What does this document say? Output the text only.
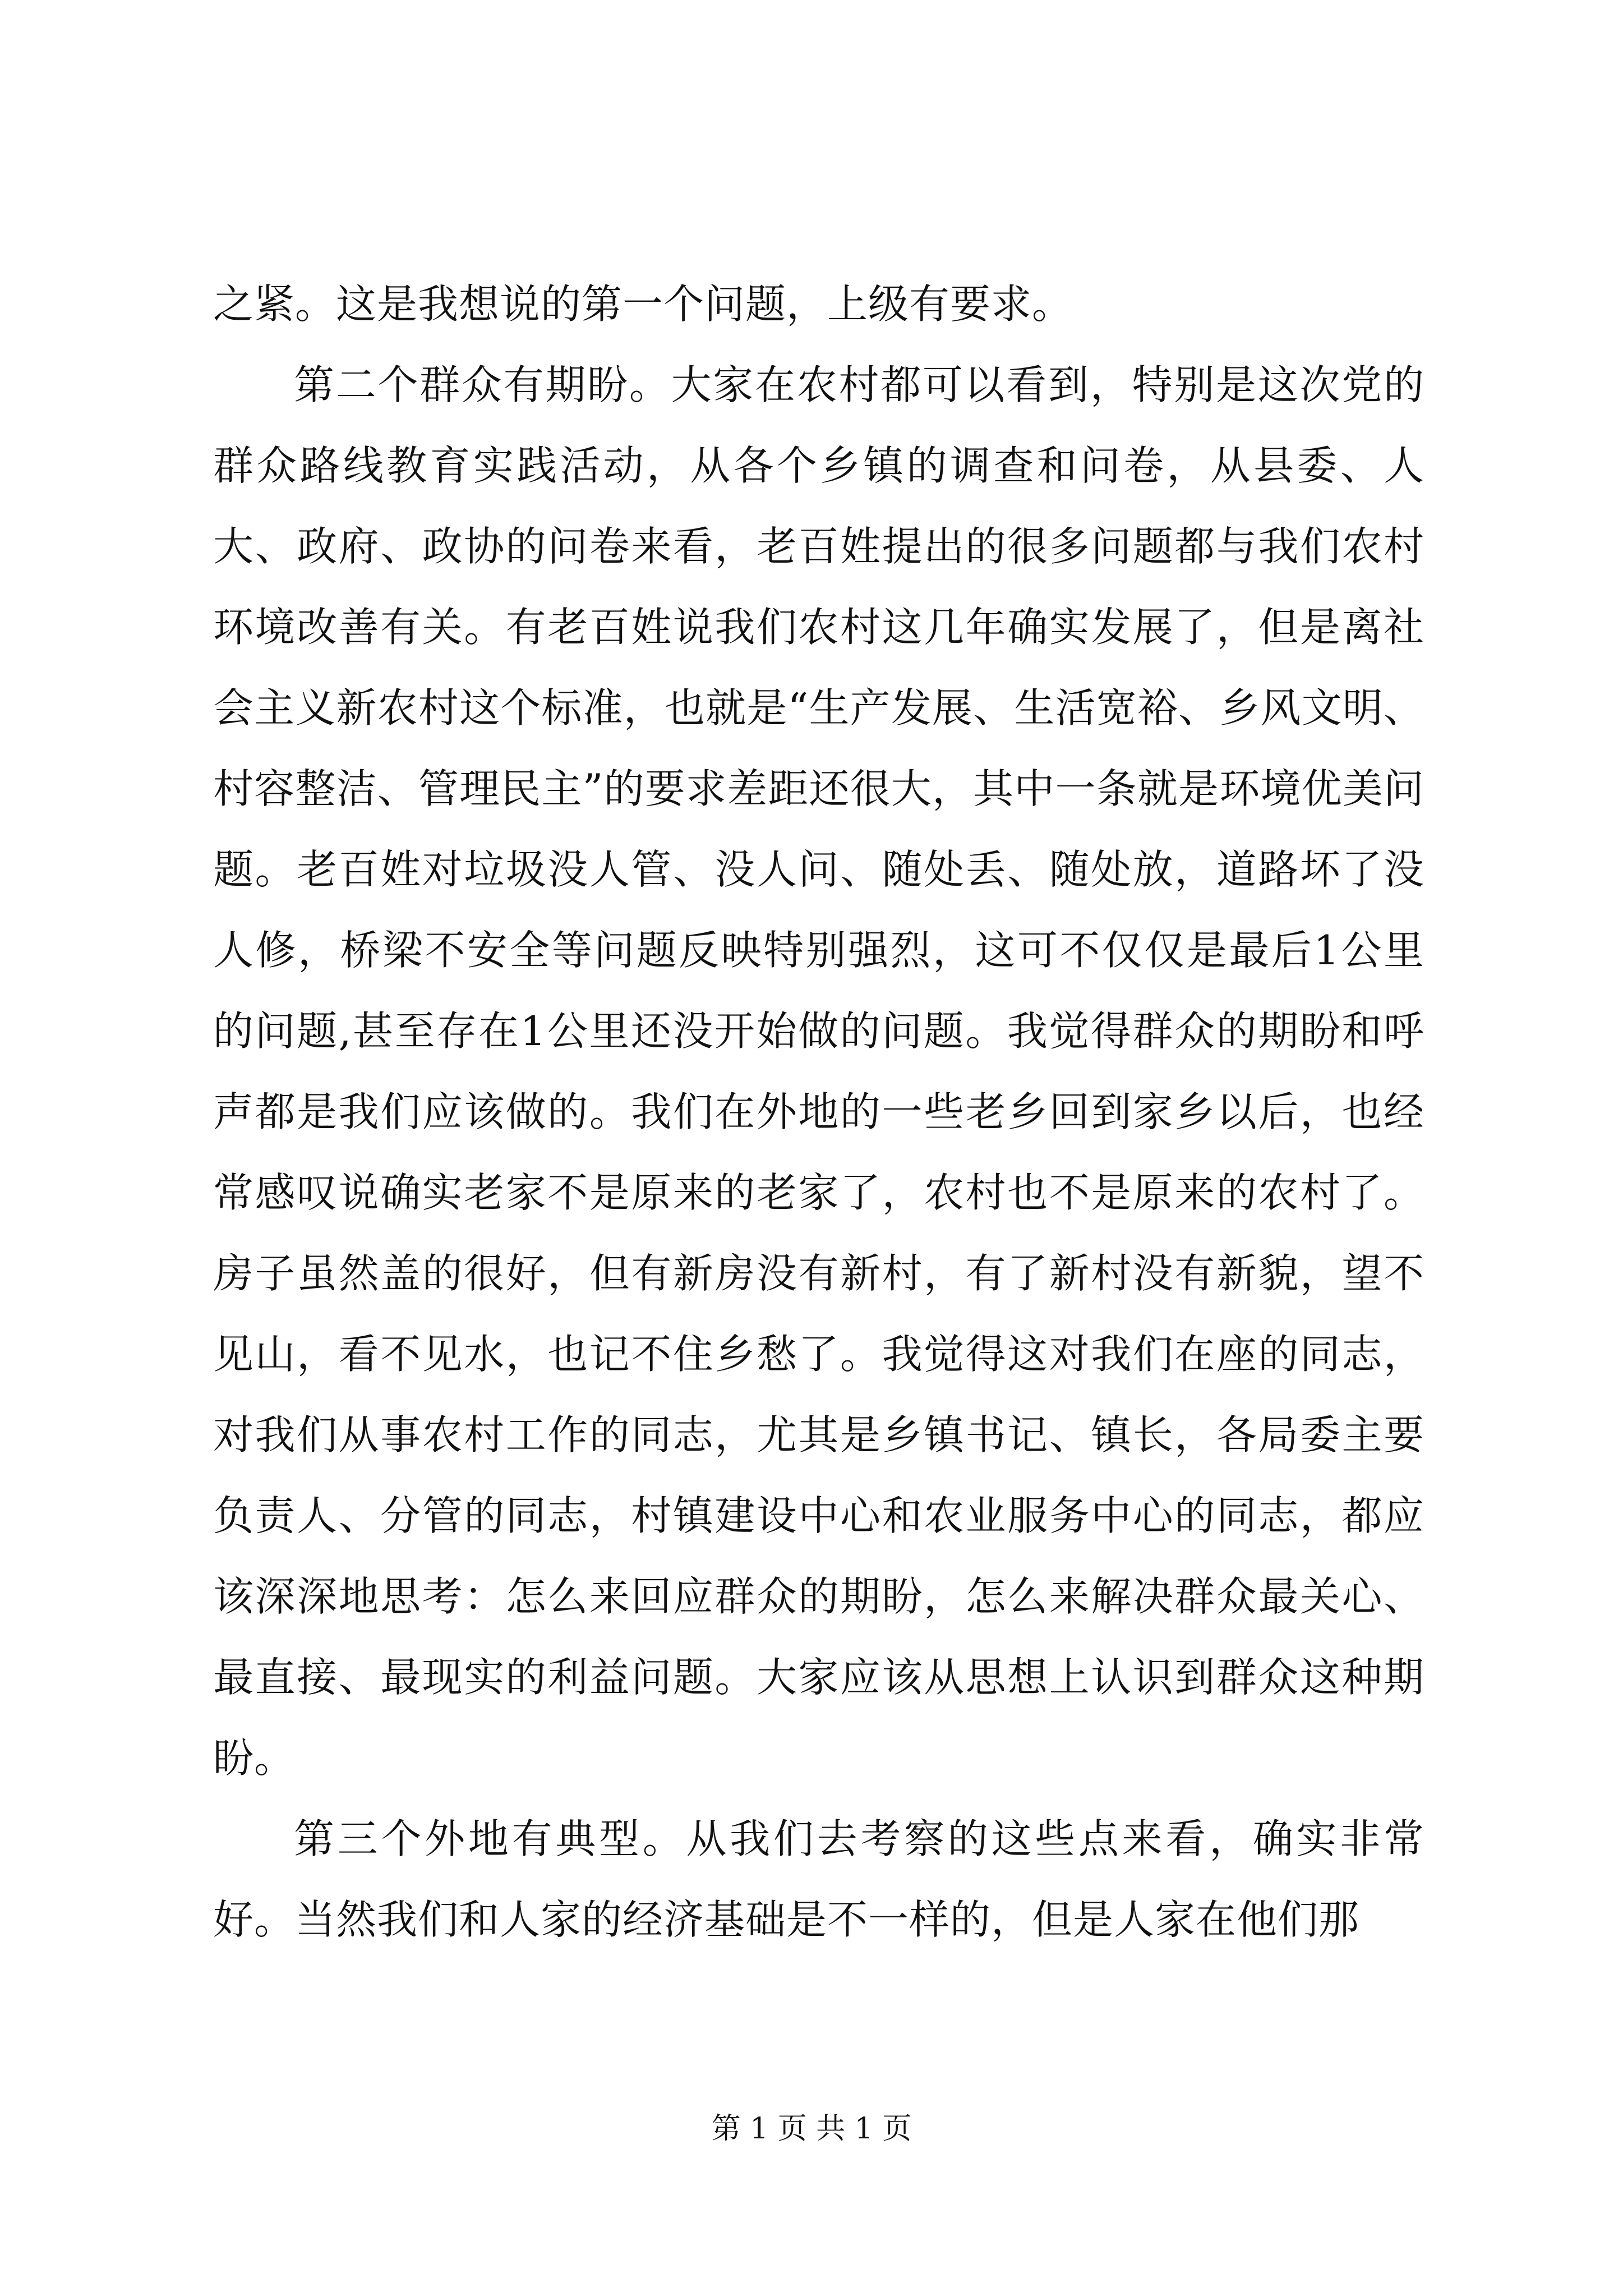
之紧。这是我想说的第一个问题，上级有要求。

第二个群众有期盼。大家在农村都可以看到，特别是这次党的群众路线教育实践活动，从各个乡镇的调查和问卷，从县委、人大、政府、政协的问卷来看，老百姓提出的很多问题都与我们农村环境改善有关。有老百姓说我们农村这几年确实发展了，但是离社会主义新农村这个标准，也就是“生产发展、生活宽裕、乡风文明、村容整洁、管理民主”的要求差距还很大，其中一条就是环境优美问题。老百姓对垃圾没人管、没人问、随处丢、随处放，道路坏了没人修，桥梁不安全等问题反映特别强烈，这可不仅仅是最后1公里的问题,甚至存在1公里还没开始做的问题。我觉得群众的期盼和呼声都是我们应该做的。我们在外地的一些老乡回到家乡以后，也经常感叹说确实老家不是原来的老家了，农村也不是原来的农村了。房子虽然盖的很好，但有新房没有新村，有了新村没有新貌，望不见山，看不见水，也记不住乡愁了。我觉得这对我们在座的同志，对我们从事农村工作的同志，尤其是乡镇书记、镇长，各局委主要负责人、分管的同志，村镇建设中心和农业服务中心的同志，都应该深深地思考：怎么来回应群众的期盼，怎么来解决群众最关心、最直接、最现实的利益问题。大家应该从思想上认识到群众这种期盼。

第三个外地有典型。从我们去考察的这些点来看，确实非常好。当然我们和人家的经济基础是不一样的，但是人家在他们那

第 1 页 共 1 页
